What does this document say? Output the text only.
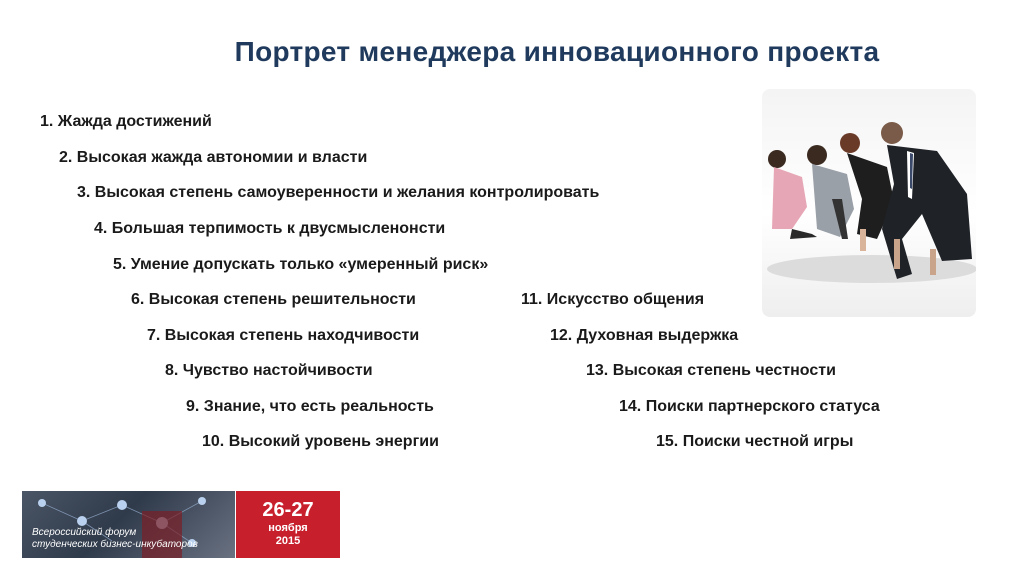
Портрет менеджера инновационного проекта
1. Жажда достижений
2. Высокая жажда автономии и власти
3. Высокая степень самоуверенности и желания контролировать
4. Большая терпимость к двусмысленонсти
5. Умение допускать только «умеренный риск»
6. Высокая степень решительности
7. Высокая степень находчивости
8. Чувство настойчивости
9. Знание, что есть реальность
10. Высокий уровень энергии
11. Искусство общения
12. Духовная выдержка
13. Высокая степень честности
14. Поиски партнерского статуса
15. Поиски честной игры
Всероссийский форум
студенческих бизнес-инкубаторов
26-27
ноября
2015
